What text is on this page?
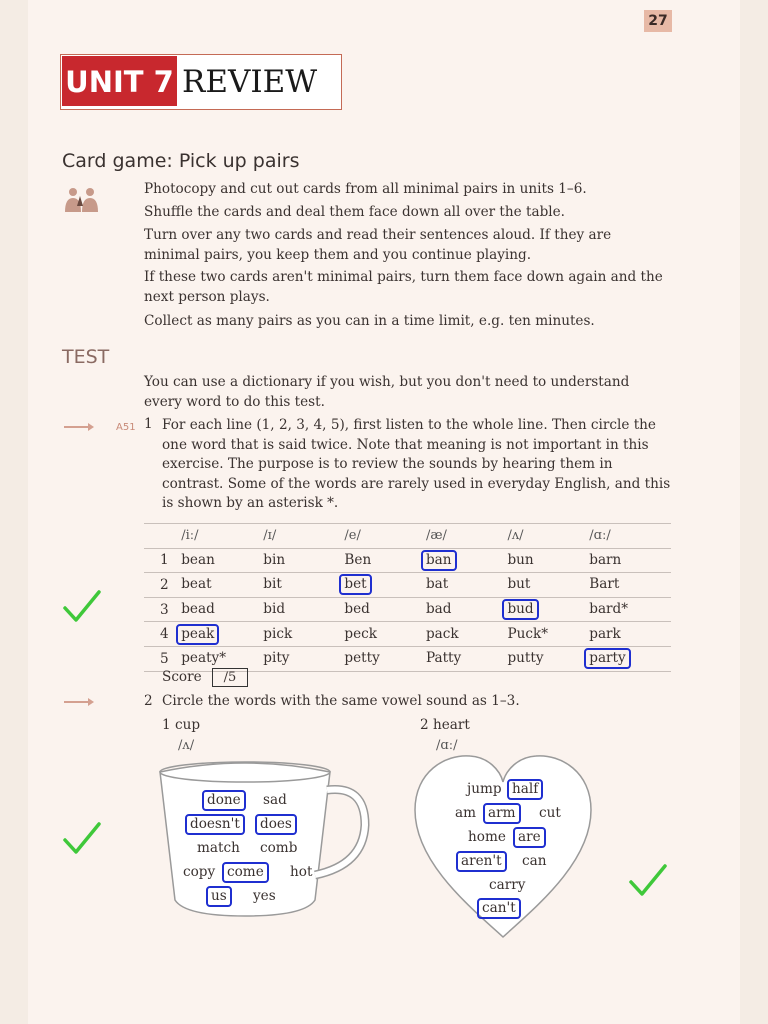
27
UNIT 7 REVIEW
Card game: Pick up pairs

Photocopy and cut out cards from all minimal pairs in units 1–6.

Shuffle the cards and deal them face down all over the table.

Turn over any two cards and read their sentences aloud. If they are minimal pairs, you keep them and you continue playing.

If these two cards aren't minimal pairs, turn them face down again and the next person plays.

Collect as many pairs as you can in a time limit, e.g. ten minutes.

TEST

You can use a dictionary if you wish, but you don't need to understand every word to do this test.

A51 1 For each line (1, 2, 3, 4, 5), first listen to the whole line. Then circle the one word that is said twice. Note that meaning is not important in this exercise. The purpose is to review the sounds by hearing them in contrast. Some of the words are rarely used in everyday English, and this is shown by an asterisk *.

	/iː/	/ɪ/	/e/	/æ/	/ʌ/	/ɑː/
1	bean	bin	Ben	ban	bun	barn
2	beat	bit	bet	bat	but	Bart
3	bead	bid	bed	bad	bud	bard*
4	peak	pick	peck	pack	Puck*	park
5	peaty*	pity	petty	Patty	putty	party
Score /5
2 Circle the words with the same vowel sound as 1–3.
1 cup
/ʌ/
2 heart
/ɑː/
done	sad
doesn't	does
match	comb
copy come	hot
us	yes
jump half
am arm	cut
home are
aren't	can
carry
can't
